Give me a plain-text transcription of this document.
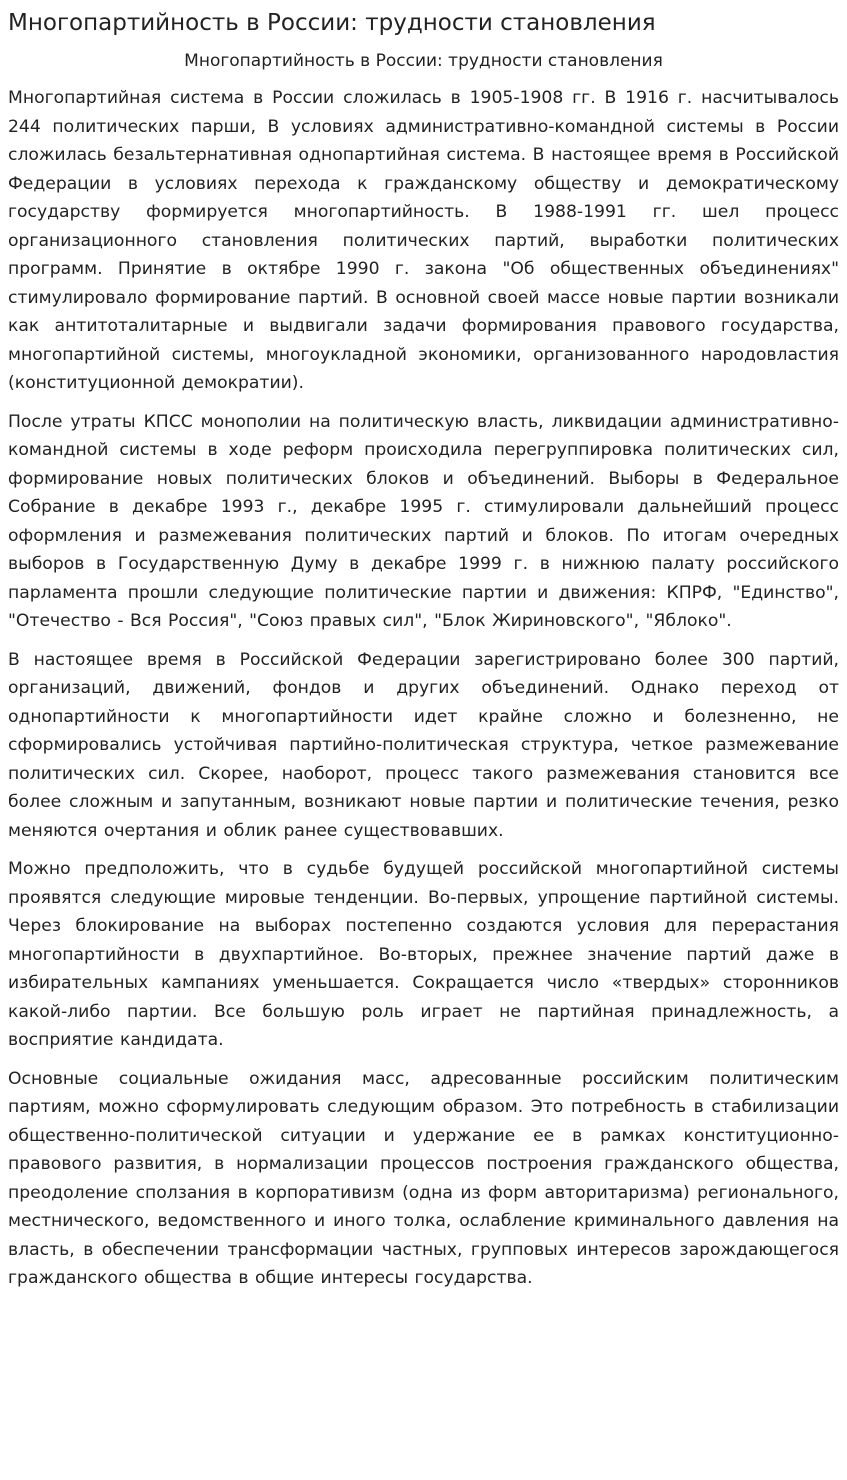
Многопартийность в России: трудности становления
Многопартийность в России: трудности становления

Многопартийная система в России сложилась в 1905-1908 гг. В 1916 г. насчитывалось 244 политических парши, В условиях административно-командной системы в России сложилась безальтернативная однопартийная система. В настоящее время в Российской Федерации в условиях перехода к гражданскому обществу и демократическому государству формируется многопартийность. В 1988-1991 гг. шел процесс организационного становления политических партий, выработки политических программ. Принятие в октябре 1990 г. закона "Об общественных объединениях" стимулировало формирование партий. В основной своей массе новые партии возникали как антитоталитарные и выдвигали задачи формирования правового государства, многопартийной системы, многоукладной экономики, организованного народовластия (конституционной демократии).

После утраты КПСС монополии на политическую власть, ликвидации административно-командной системы в ходе реформ происходила перегруппировка политических сил, формирование новых политических блоков и объединений. Выборы в Федеральное Собрание в декабре 1993 г., декабре 1995 г. стимулировали дальнейший процесс оформления и размежевания политических партий и блоков. По итогам очередных выборов в Государственную Думу в декабре 1999 г. в нижнюю палату российского парламента прошли следующие политические партии и движения: КПРФ, "Единство", "Отечество - Вся Россия", "Союз правых сил", "Блок Жириновского", "Яблоко".

В настоящее время в Российской Федерации зарегистрировано более 300 партий, организаций, движений, фондов и других объединений. Однако переход от однопартийности к многопартийности идет крайне сложно и болезненно, не сформировались устойчивая партийно-политическая структура, четкое размежевание политических сил. Скорее, наоборот, процесс такого размежевания становится все более сложным и запутанным, возникают новые партии и политические течения, резко меняются очертания и облик ранее существовавших.

Можно предположить, что в судьбе будущей российской многопартийной системы проявятся следующие мировые тенденции. Во-первых, упрощение партийной системы. Через блокирование на выборах постепенно создаются условия для перерастания многопартийности в двухпартийное. Во-вторых, прежнее значение партий даже в избирательных кампаниях уменьшается. Сокращается число «твердых» сторонников какой-либо партии. Все большую роль играет не партийная принадлежность, а восприятие кандидата.

Основные социальные ожидания масс, адресованные российским политическим партиям, можно сформулировать следующим образом. Это потребность в стабилизации общественно-политической ситуации и удержание ее в рамках конституционно-правового развития, в нормализации процессов построения гражданского общества, преодоление сползания в корпоративизм (одна из форм авторитаризма) регионального, местнического, ведомственного и иного толка, ослабление криминального давления на власть, в обеспечении трансформации частных, групповых интересов зарождающегося гражданского общества в общие интересы государства.
